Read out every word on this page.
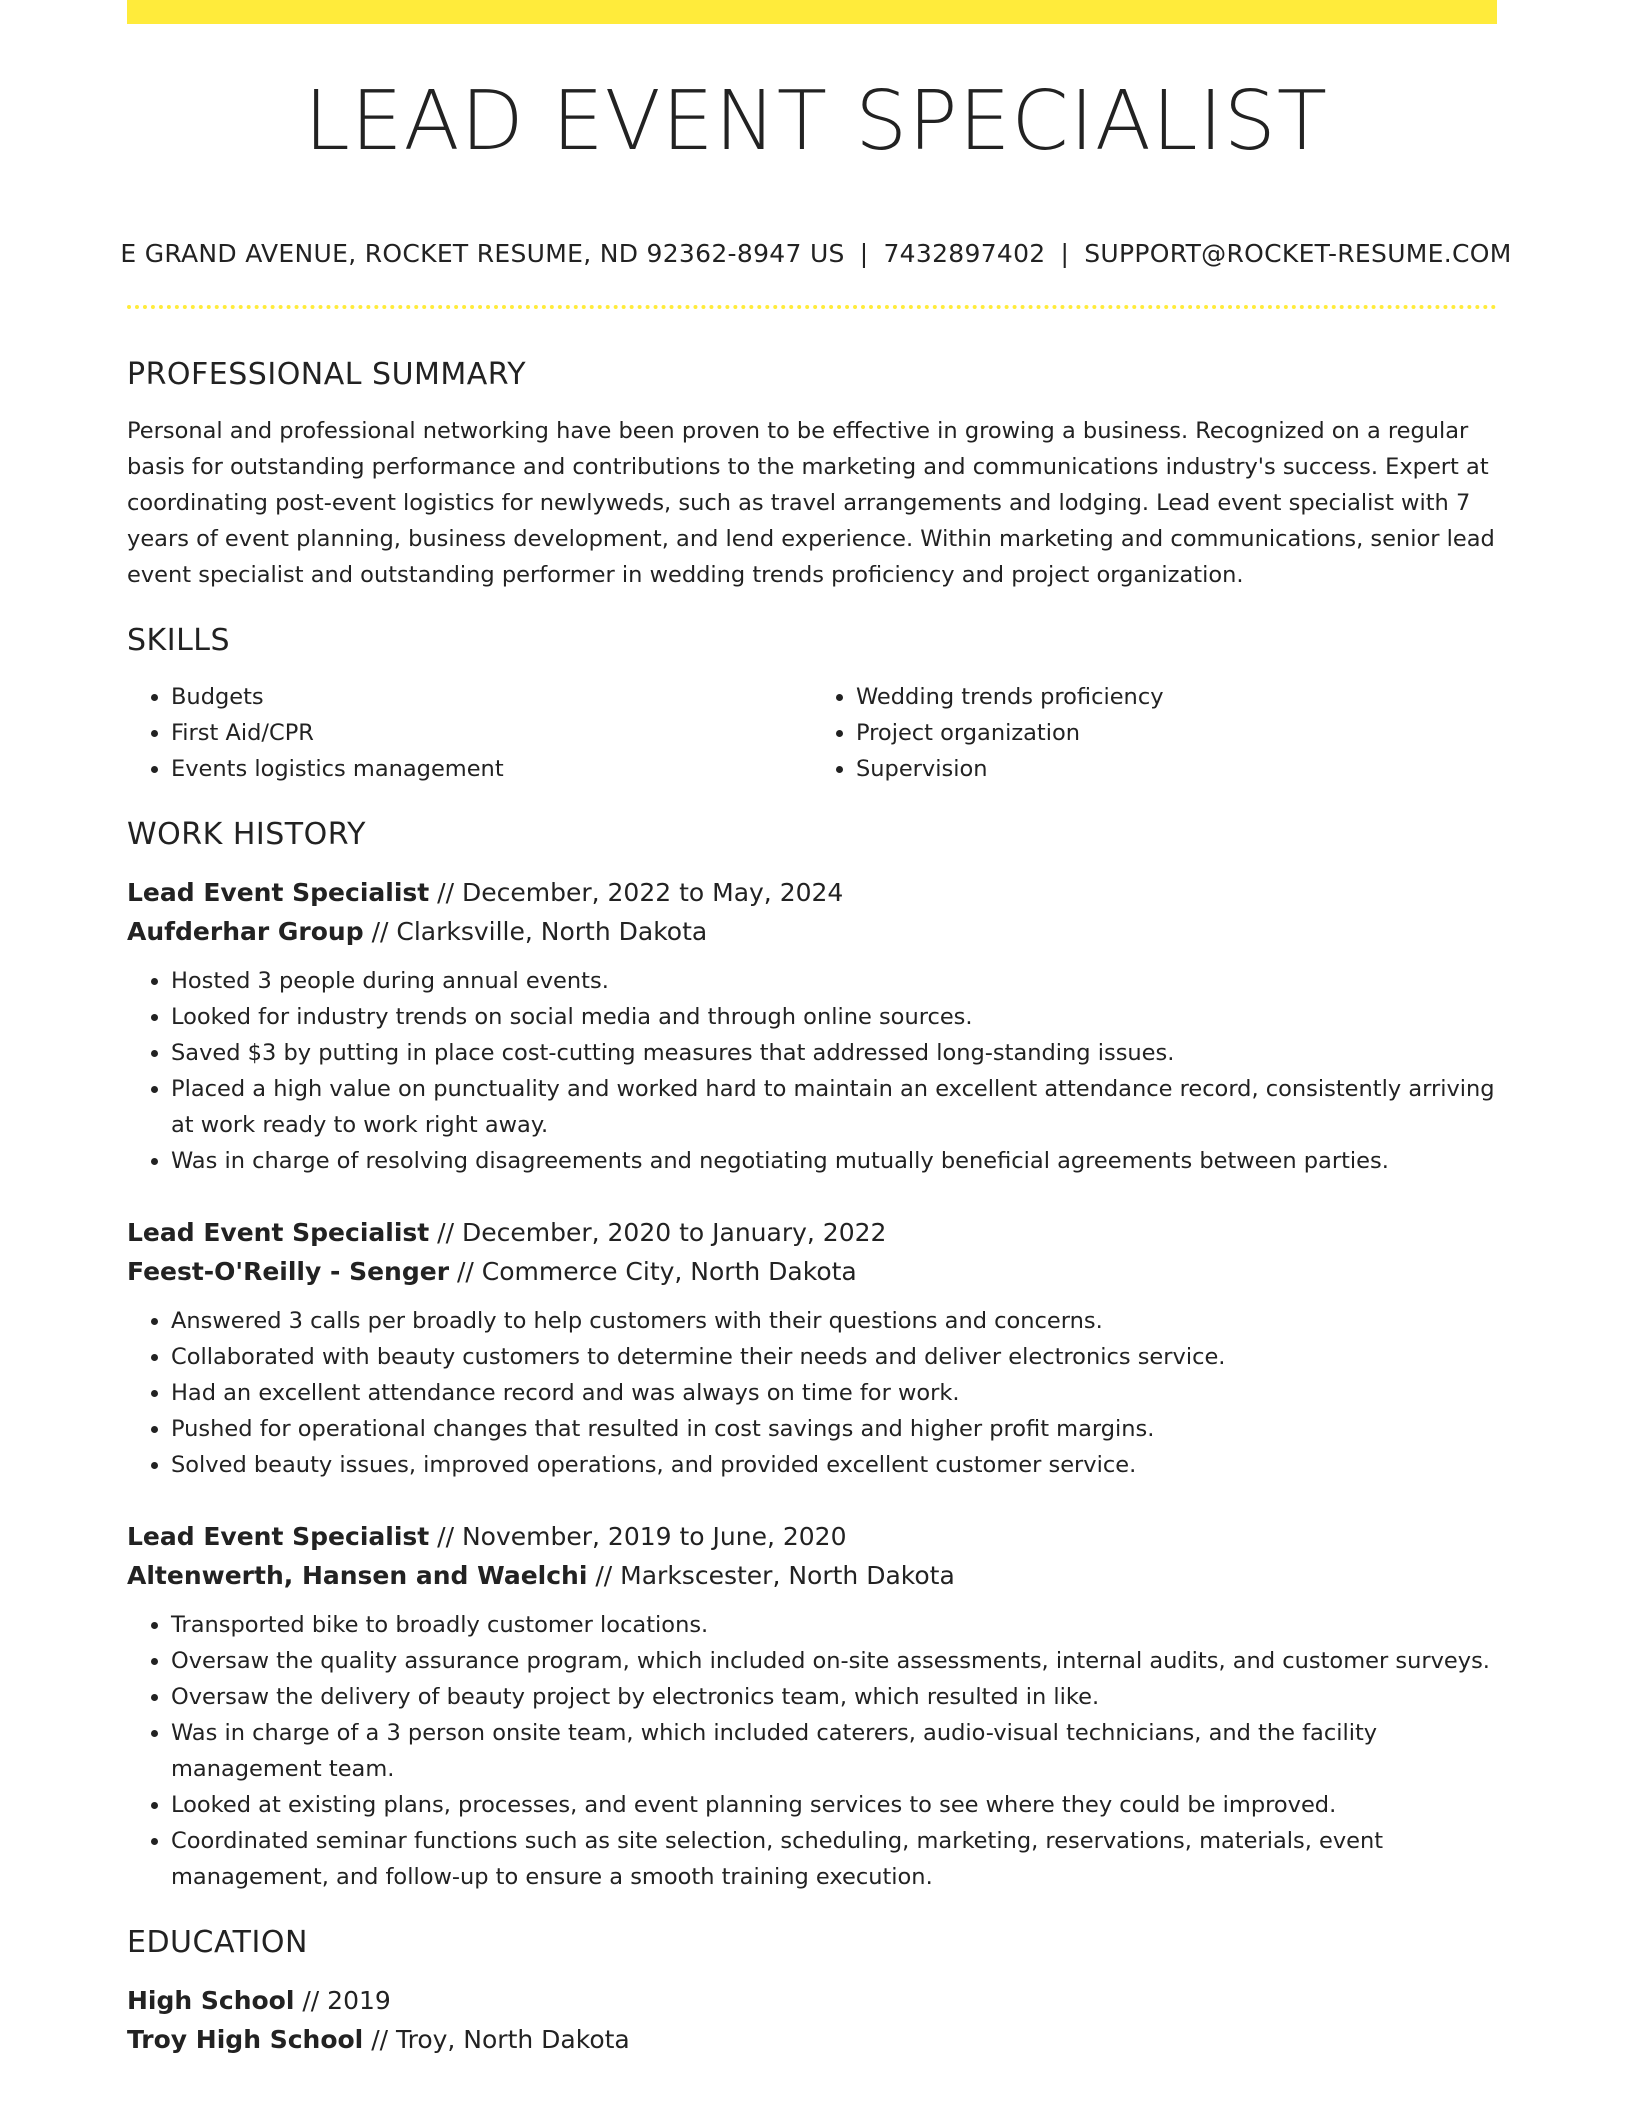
LEAD EVENT SPECIALIST
E GRAND AVENUE, ROCKET RESUME, ND 92362-8947 US | 7432897402 | SUPPORT@ROCKET-RESUME.COM
PROFESSIONAL SUMMARY

Personal and professional networking have been proven to be effective in growing a business. Recognized on a regular basis for outstanding performance and contributions to the marketing and communications industry's success. Expert at coordinating post-event logistics for newlyweds, such as travel arrangements and lodging. Lead event specialist with 7 years of event planning, business development, and lend experience. Within marketing and communications, senior lead event specialist and outstanding performer in wedding trends proficiency and project organization.

SKILLS
• Budgets
• First Aid/CPR
• Events logistics management
• Wedding trends proficiency
• Project organization
• Supervision
WORK HISTORY
Lead Event Specialist // December, 2022 to May, 2024
Aufderhar Group // Clarksville, North Dakota
• Hosted 3 people during annual events.
• Looked for industry trends on social media and through online sources.
• Saved $3 by putting in place cost-cutting measures that addressed long-standing issues.
• Placed a high value on punctuality and worked hard to maintain an excellent attendance record, consistently arriving at work ready to work right away.
• Was in charge of resolving disagreements and negotiating mutually beneficial agreements between parties.
Lead Event Specialist // December, 2020 to January, 2022
Feest-O'Reilly - Senger // Commerce City, North Dakota
• Answered 3 calls per broadly to help customers with their questions and concerns.
• Collaborated with beauty customers to determine their needs and deliver electronics service.
• Had an excellent attendance record and was always on time for work.
• Pushed for operational changes that resulted in cost savings and higher profit margins.
• Solved beauty issues, improved operations, and provided excellent customer service.
Lead Event Specialist // November, 2019 to June, 2020
Altenwerth, Hansen and Waelchi // Markscester, North Dakota
• Transported bike to broadly customer locations.
• Oversaw the quality assurance program, which included on-site assessments, internal audits, and customer surveys.
• Oversaw the delivery of beauty project by electronics team, which resulted in like.
• Was in charge of a 3 person onsite team, which included caterers, audio-visual technicians, and the facility management team.
• Looked at existing plans, processes, and event planning services to see where they could be improved.
• Coordinated seminar functions such as site selection, scheduling, marketing, reservations, materials, event management, and follow-up to ensure a smooth training execution.
EDUCATION
High School // 2019
Troy High School // Troy, North Dakota
